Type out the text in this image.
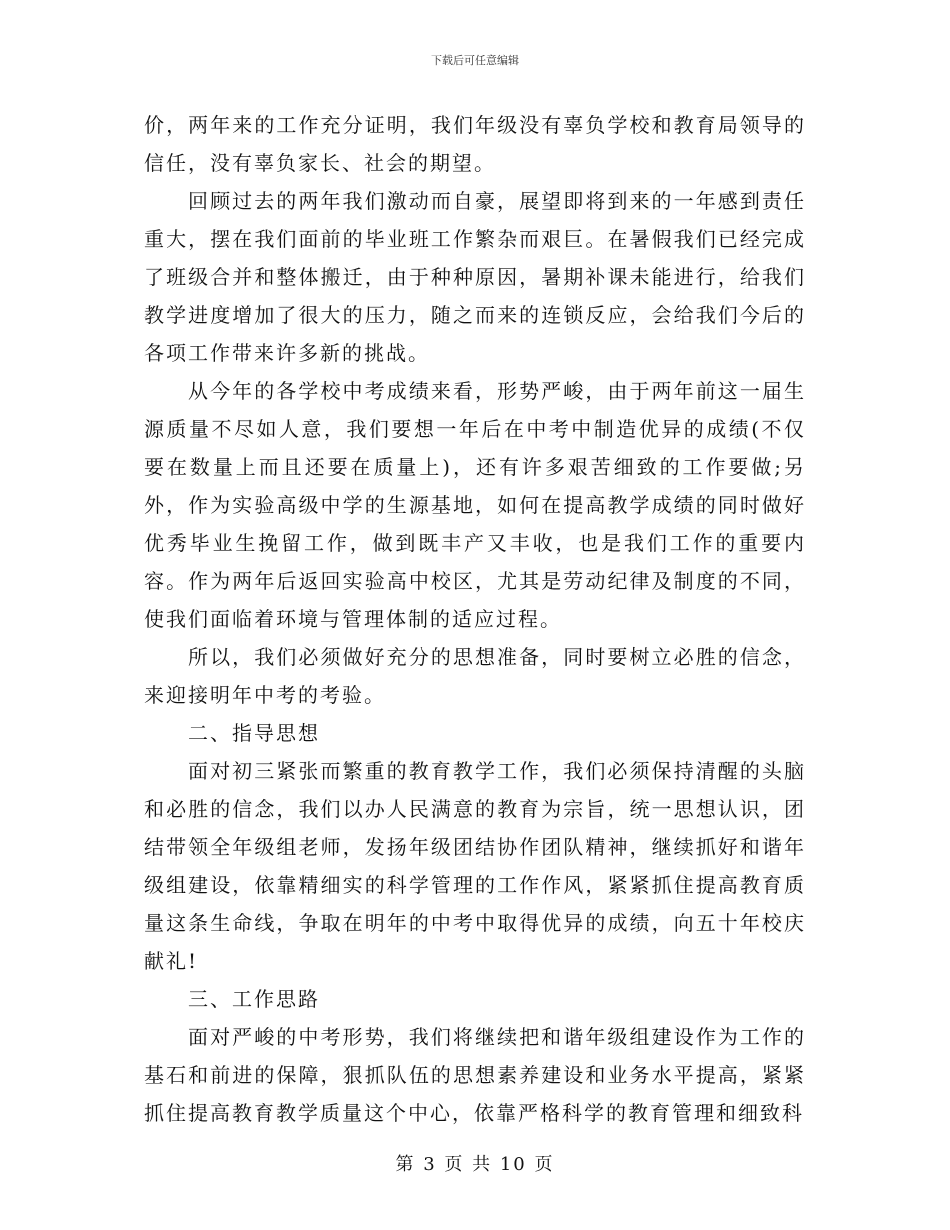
下载后可任意编辑

价，两年来的工作充分证明，我们年级没有辜负学校和教育局领导的信任，没有辜负家长、社会的期望。

回顾过去的两年我们激动而自豪，展望即将到来的一年感到责任重大，摆在我们面前的毕业班工作繁杂而艰巨。在暑假我们已经完成了班级合并和整体搬迁，由于种种原因，暑期补课未能进行，给我们教学进度增加了很大的压力，随之而来的连锁反应，会给我们今后的各项工作带来许多新的挑战。

从今年的各学校中考成绩来看，形势严峻，由于两年前这一届生源质量不尽如人意，我们要想一年后在中考中制造优异的成绩(不仅要在数量上而且还要在质量上)，还有许多艰苦细致的工作要做;另外，作为实验高级中学的生源基地，如何在提高教学成绩的同时做好优秀毕业生挽留工作，做到既丰产又丰收，也是我们工作的重要内容。作为两年后返回实验高中校区，尤其是劳动纪律及制度的不同，使我们面临着环境与管理体制的适应过程。

所以，我们必须做好充分的思想准备，同时要树立必胜的信念，来迎接明年中考的考验。

二、指导思想

面对初三紧张而繁重的教育教学工作，我们必须保持清醒的头脑和必胜的信念，我们以办人民满意的教育为宗旨，统一思想认识，团结带领全年级组老师，发扬年级团结协作团队精神，继续抓好和谐年级组建设，依靠精细实的科学管理的工作作风，紧紧抓住提高教育质量这条生命线，争取在明年的中考中取得优异的成绩，向五十年校庆献礼!

三、工作思路

面对严峻的中考形势，我们将继续把和谐年级组建设作为工作的基石和前进的保障，狠抓队伍的思想素养建设和业务水平提高，紧紧抓住提高教育教学质量这个中心，依靠严格科学的教育管理和细致科

第 3 页 共 10 页
